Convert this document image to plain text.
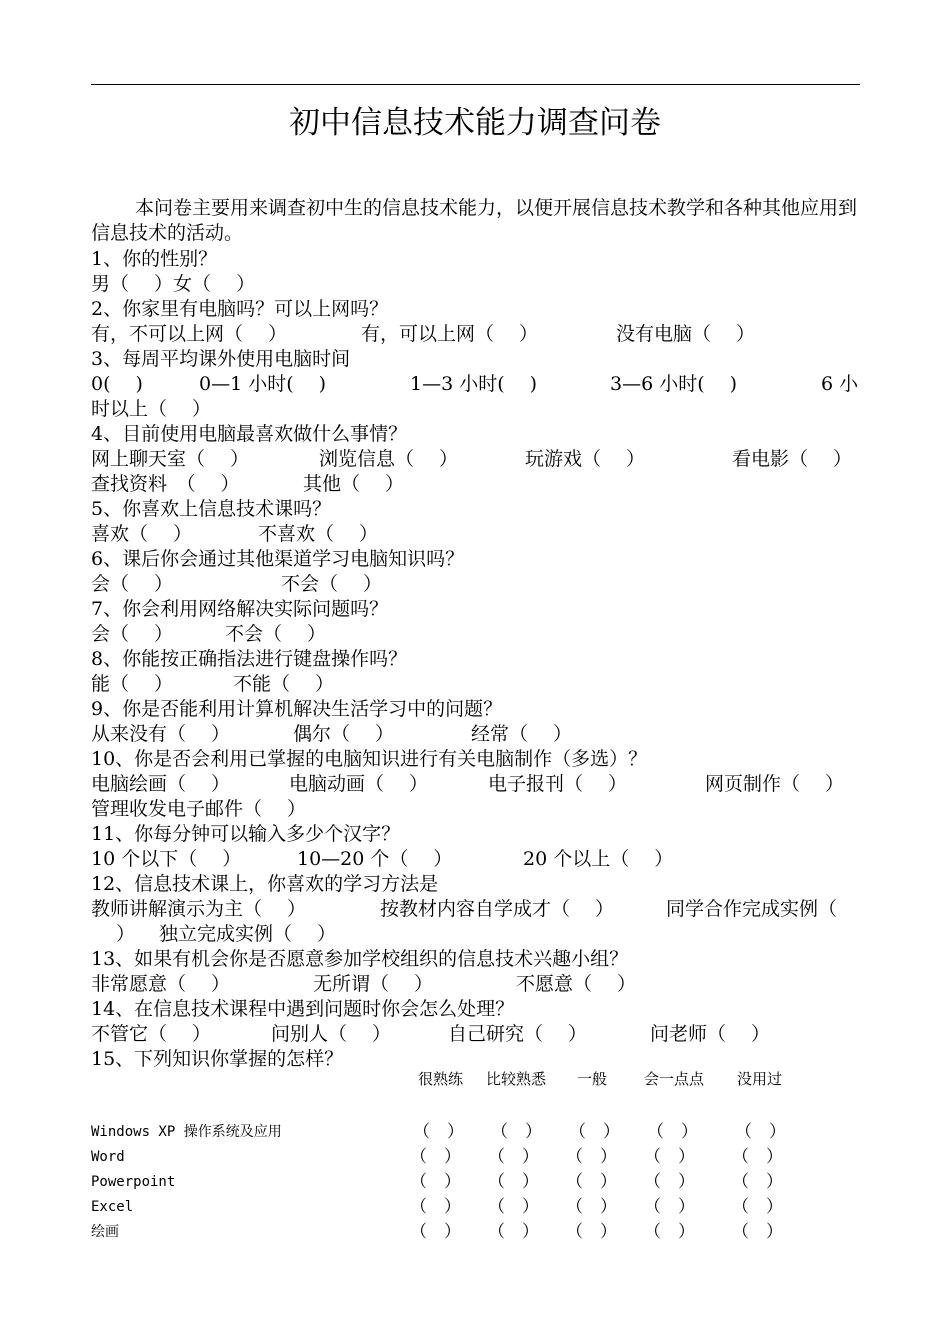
初中信息技术能力调查问卷
本问卷主要用来调查初中生的信息技术能力，以便开展信息技术教学和各种其他应用到信息技术的活动。
1、你的性别？
男（　 ）女（　 ）
2、你家里有电脑吗？可以上网吗？
有，不可以上网（　 ）	有，可以上网（　 ）	没有电脑（　 ）
3、每周平均课外使用电脑时间
0(　 )	0—1 小时(　 )	1—3 小时(　 )	3—6 小时(　 )	6 小
时以上（　 ）
4、目前使用电脑最喜欢做什么事情？
网上聊天室（　 ）	浏览信息（　 ）	玩游戏（　 ）	看电影（　 ）
查找资料　（　 ）	其他（　 ）
5、你喜欢上信息技术课吗？
喜欢（　 ）	不喜欢（　 ）
6、课后你会通过其他渠道学习电脑知识吗？
会（　 ）	不会（　 ）
7、你会利用网络解决实际问题吗？
会（　 ）	不会（　 ）
8、你能按正确指法进行键盘操作吗？
能（　 ）	不能（　 ）
9、你是否能利用计算机解决生活学习中的问题？
从来没有（　 ）	偶尔（　 ）	经常（　 ）
10、你是否会利用已掌握的电脑知识进行有关电脑制作（多选）？
电脑绘画（　 ）	电脑动画（　 ）	电子报刊（　 ）	网页制作（　 ）
管理收发电子邮件（　 ）
11、你每分钟可以输入多少个汉字？
10 个以下（　 ）	10—20 个（　 ）	20 个以上（　 ）
12、信息技术课上，你喜欢的学习方法是
教师讲解演示为主（　 ）	按教材内容自学成才（　 ）	同学合作完成实例（
　 ） 独立完成实例（　 ）
13、如果有机会你是否愿意参加学校组织的信息技术兴趣小组？
非常愿意（　 ）	无所谓（　 ）	不愿意（　 ）
14、在信息技术课程中遇到问题时你会怎么处理？
不管它（　 ）	问别人（　 ）	自己研究（　 ）	问老师（　 ）
15、下列知识你掌握的怎样？
很熟练 比较熟悉 一般 会一点点 没用过
Windows XP 操作系统及应用	（　） （　） （　） （　） （　）
Word	（　） （　） （　） （　） （　）
Powerpoint	（　） （　） （　） （　） （　）
Excel	（　） （　） （　） （　） （　）
绘画	（　） （　） （　） （　） （　）
